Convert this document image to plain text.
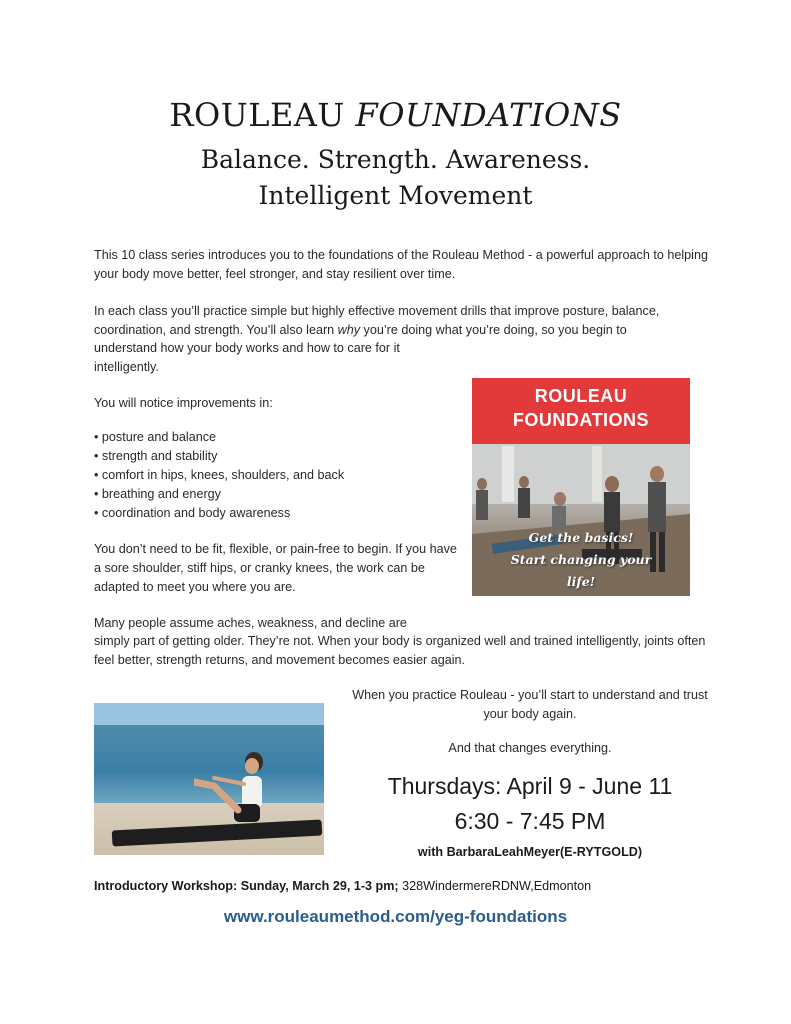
ROULEAU FOUNDATIONS
Balance. Strength. Awareness.
Intelligent Movement
This 10 class series introduces you to the foundations of the Rouleau Method - a powerful approach to helping your body move better, feel stronger, and stay resilient over time.
In each class you’ll practice simple but highly effective movement drills that improve posture, balance, coordination, and strength. You’ll also learn why you’re doing what you’re doing, so you begin to
understand how your body works and how to care for it
intelligently.
You will notice improvements in:
• posture and balance
• strength and stability
• comfort in hips, knees, shoulders, and back
• breathing and energy
• coordination and body awareness
ROULEAU
FOUNDATIONS
Get the basics!
Start changing your
life!
You don’t need to be fit, flexible, or pain-free to begin. If you have a sore shoulder, stiff hips, or cranky knees, the work can be adapted to meet you where you are.
Many people assume aches, weakness, and decline are
simply part of getting older. They’re not. When your body is organized well and trained intelligently, joints often feel better, strength returns, and movement becomes easier again.
When you practice Rouleau - you’ll start to understand and trust your body again.
And that changes everything.
Thursdays: April 9 - June 11
6:30 - 7:45 PM
with BarbaraLeahMeyer(E-RYTGOLD)
Introductory Workshop: Sunday, March 29, 1-3 pm; 328WindermereRDNW,Edmonton
www.rouleaumethod.com/yeg-foundations
